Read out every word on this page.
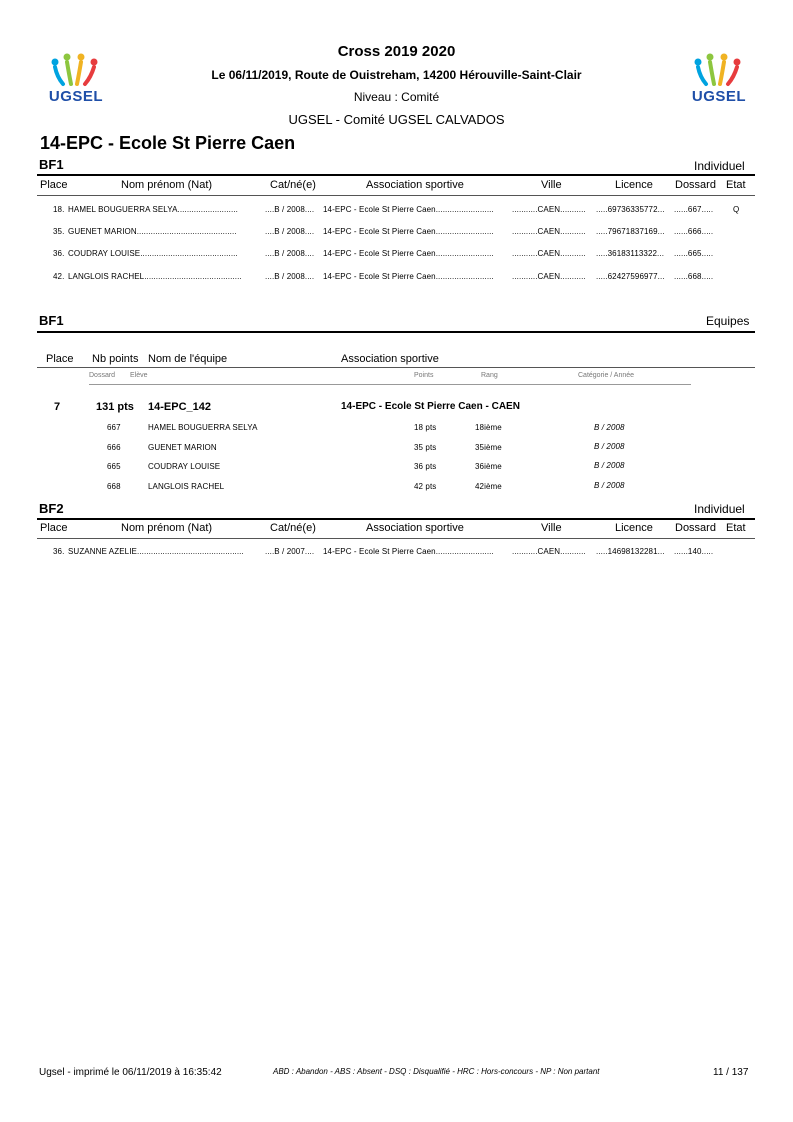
UGSEL	UGSEL
Cross 2019 2020
Le 06/11/2019, Route de Ouistreham, 14200 Hérouville-Saint-Clair
Niveau : Comité
UGSEL - Comité UGSEL CALVADOS
14-EPC - Ecole St Pierre Caen
BF1	Individuel
Place	Nom prénom (Nat)	Cat/né(e)	Association sportive	Ville	Licence Dossard Etat
18. HAMEL BOUGUERRA SELYA..........................	....B / 2008.... 14-EPC - Ecole St Pierre Caen.........................	...........CAEN...........	.....69736335772... ......667..... Q
35. GUENET MARION...........................................	....B / 2008.... 14-EPC - Ecole St Pierre Caen.........................	...........CAEN...........	.....79671837169... ......666.....
36. COUDRAY LOUISE..........................................	....B / 2008.... 14-EPC - Ecole St Pierre Caen.........................	...........CAEN...........	.....36183113322... ......665.....
42. LANGLOIS RACHEL..........................................	....B / 2008.... 14-EPC - Ecole St Pierre Caen.........................	...........CAEN...........	.....62427596977... ......668.....
BF1	Equipes
Place Nb points Nom de l'équipe	Association sportive
Dossard Elève	Points	Rang	Catégorie / Année
7	131 pts 14-EPC_142	14-EPC - Ecole St Pierre Caen - CAEN
667	HAMEL BOUGUERRA SELYA	18 pts	18ième	B / 2008
666	GUENET MARION	35 pts	35ième	B / 2008
665	COUDRAY LOUISE	36 pts	36ième	B / 2008
668	LANGLOIS RACHEL	42 pts	42ième	B / 2008
BF2	Individuel
Place	Nom prénom (Nat)	Cat/né(e)	Association sportive	Ville	Licence Dossard Etat
36. SUZANNE AZELIE..............................................	....B / 2007.... 14-EPC - Ecole St Pierre Caen.........................	...........CAEN...........	.....14698132281... ......140.....
Ugsel - imprimé le 06/11/2019 à 16:35:42	ABD : Abandon - ABS : Absent - DSQ : Disqualifié - HRC : Hors-concours - NP : Non partant	11 / 137
